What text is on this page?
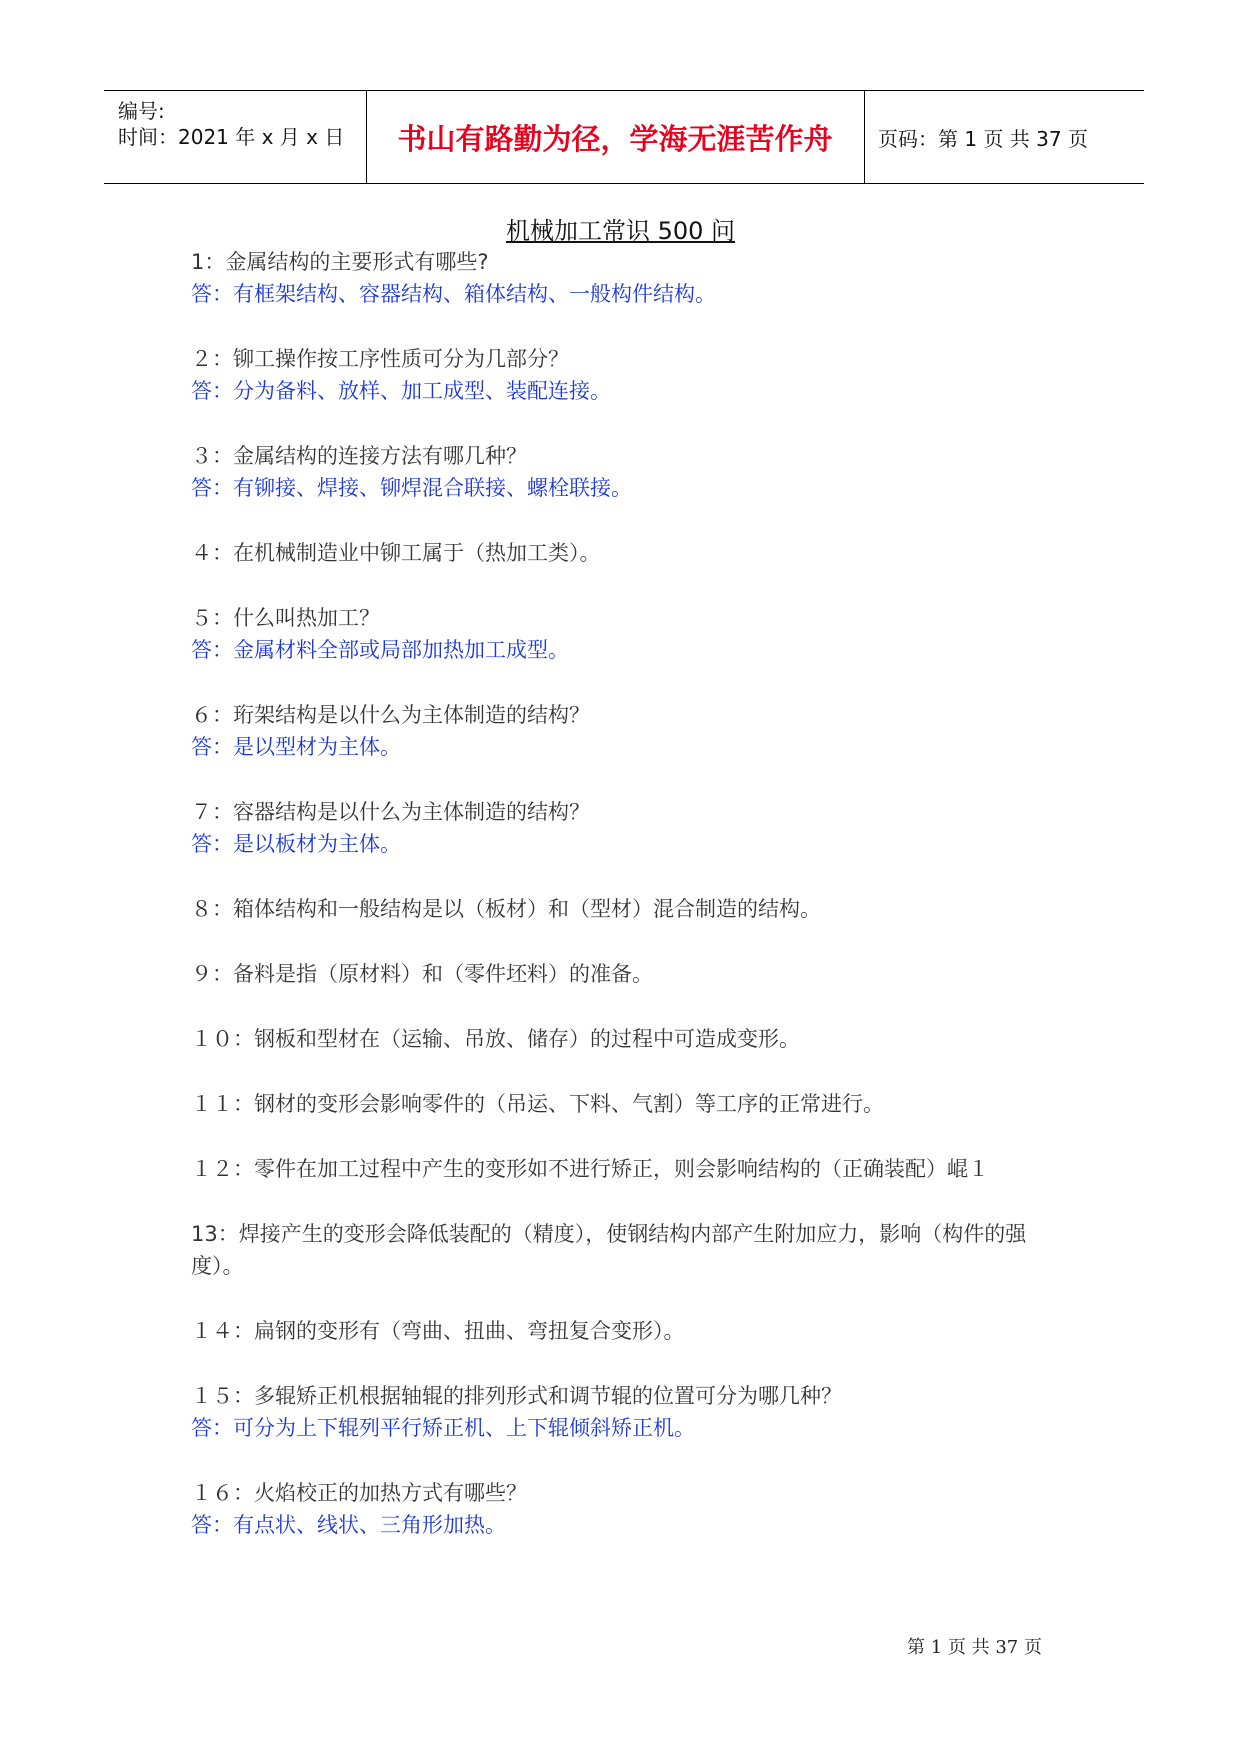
编号:
时间：2021 年 x 月 x 日 书山有路勤为径，学海无涯苦作舟 页码：第 1 页 共 37 页
机械加工常识 500 问
1：金属结构的主要形式有哪些?
答：有框架结构、容器结构、箱体结构、一般构件结构。
２：铆工操作按工序性质可分为几部分？
答：分为备料、放样、加工成型、装配连接。
３：金属结构的连接方法有哪几种？
答：有铆接、焊接、铆焊混合联接、螺栓联接。
４：在机械制造业中铆工属于（热加工类）。
５：什么叫热加工？
答：金属材料全部或局部加热加工成型。
６：珩架结构是以什么为主体制造的结构？
答：是以型材为主体。
７：容器结构是以什么为主体制造的结构？
答：是以板材为主体。
８：箱体结构和一般结构是以（板材）和（型材）混合制造的结构。
９：备料是指（原材料）和（零件坯料）的准备。
１０：钢板和型材在（运输、吊放、储存）的过程中可造成变形。
１１：钢材的变形会影响零件的（吊运、下料、气割）等工序的正常进行。
１２：零件在加工过程中产生的变形如不进行矫正，则会影响结构的（正确装配）崐１
13：焊接产生的变形会降低装配的（精度），使钢结构内部产生附加应力，影响（构件的强度）。
１４：扁钢的变形有（弯曲、扭曲、弯扭复合变形）。
１５：多辊矫正机根据轴辊的排列形式和调节辊的位置可分为哪几种？
答：可分为上下辊列平行矫正机、上下辊倾斜矫正机。
１６：火焰校正的加热方式有哪些？
答：有点状、线状、三角形加热。
第 1 页 共 37 页
